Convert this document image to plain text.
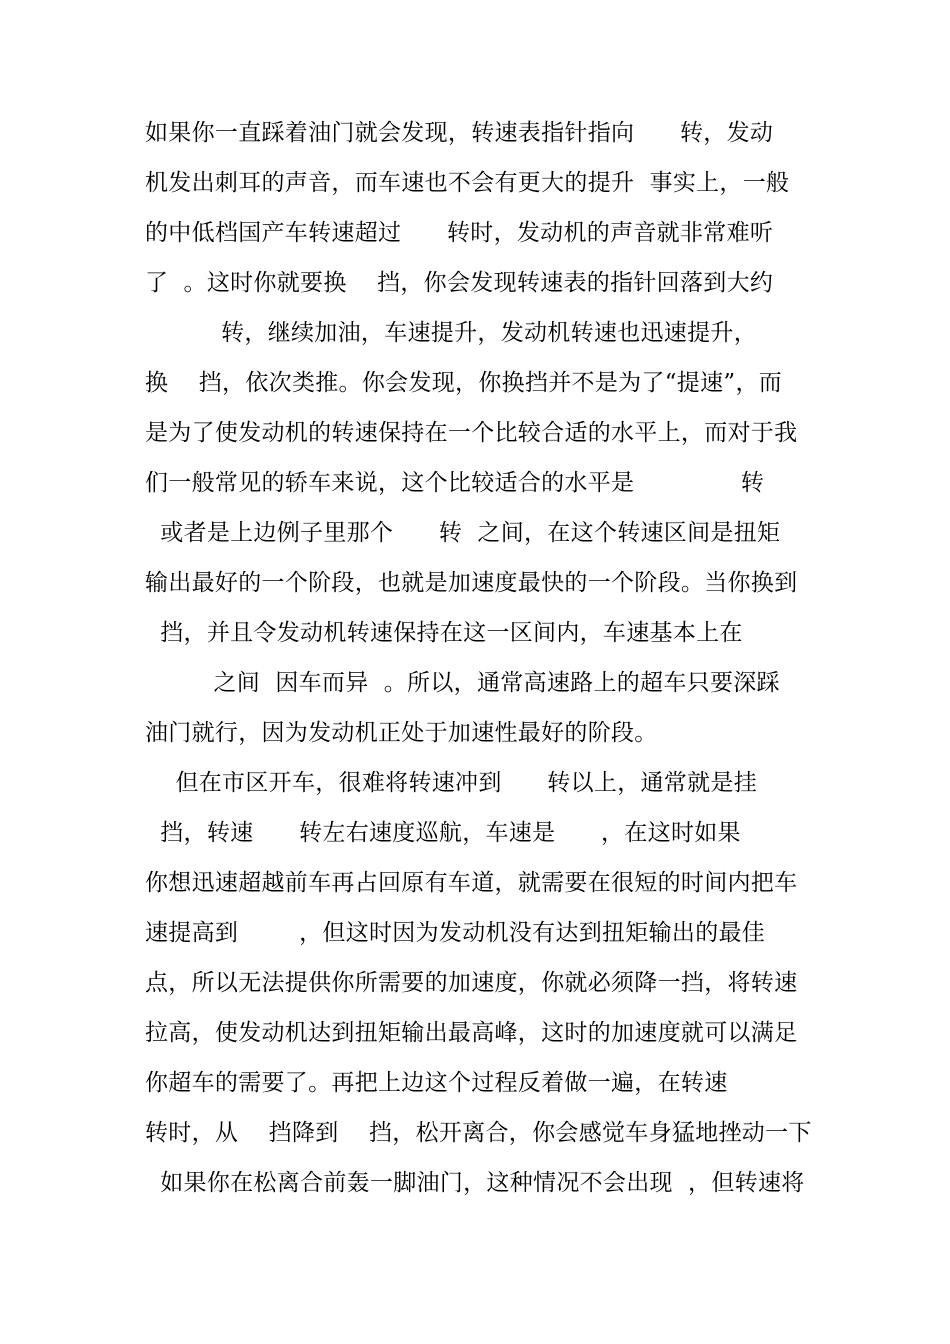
如果你一直踩着油门就会发现，转速表指针指向      转，发动
机发出刺耳的声音，而车速也不会有更大的提升  事实上，一般
的中低档国产车转速超过      转时，发动机的声音就非常难听
了  。这时你就要换    挡，你会发现转速表的指针回落到大约
转，继续加油，车速提升，发动机转速也迅速提升，
换    挡，依次类推。你会发现，你换挡并不是为了“提速”，而
是为了使发动机的转速保持在一个比较合适的水平上，而对于我
们一般常见的轿车来说，这个比较适合的水平是              转
或者是上边例子里那个      转  之间，在这个转速区间是扭矩
输出最好的一个阶段，也就是加速度最快的一个阶段。当你换到
挡，并且令发动机转速保持在这一区间内，车速基本上在
之间  因车而异  。所以，通常高速路上的超车只要深踩
油门就行，因为发动机正处于加速性最好的阶段。
但在市区开车，很难将转速冲到      转以上，通常就是挂
挡，转速      转左右速度巡航，车速是      ，在这时如果
你想迅速超越前车再占回原有车道，就需要在很短的时间内把车
速提高到        ，但这时因为发动机没有达到扭矩输出的最佳
点，所以无法提供你所需要的加速度，你就必须降一挡，将转速
拉高，使发动机达到扭矩输出最高峰，这时的加速度就可以满足
你超车的需要了。再把上边这个过程反着做一遍，在转速
转时，从    挡降到    挡，松开离合，你会感觉车身猛地挫动一下
如果你在松离合前轰一脚油门，这种情况不会出现  ，但转速将
